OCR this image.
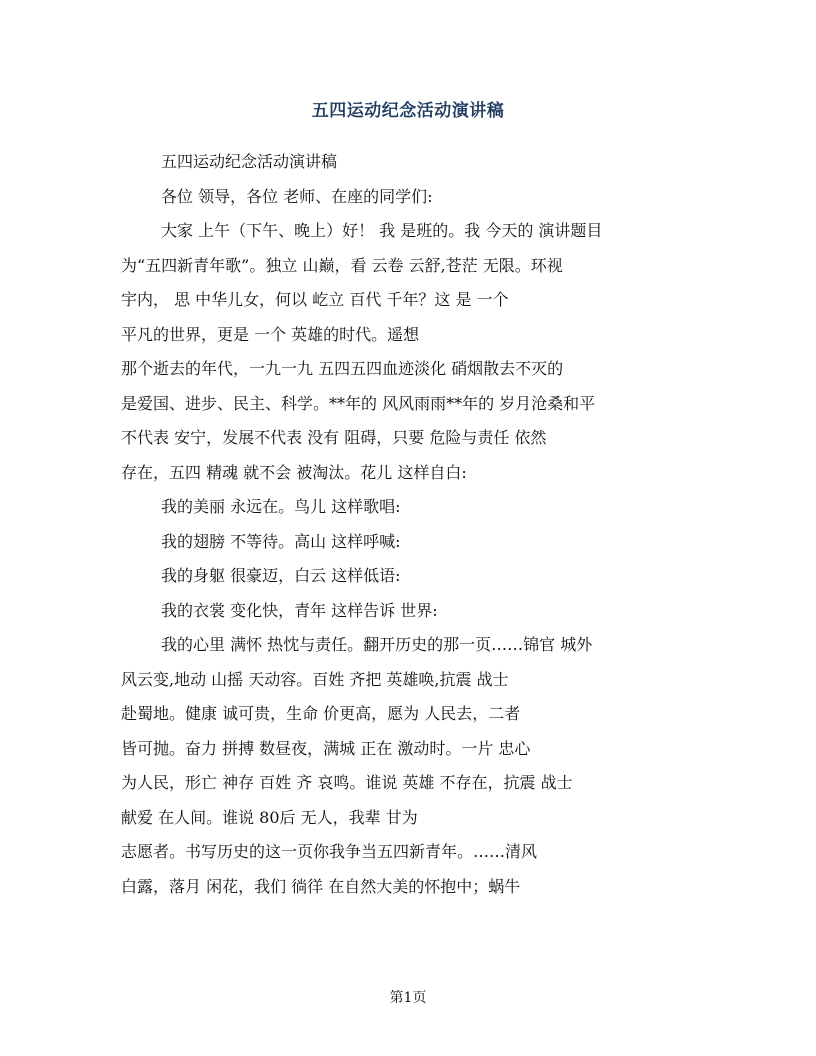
五四运动纪念活动演讲稿
五四运动纪念活动演讲稿
各位 领导，各位 老师、在座的同学们:
大家 上午（下午、晚上）好！ 我 是班的。我 今天的 演讲题目
为“五四新青年歌”。独立 山巅，看 云卷 云舒,苍茫 无限。环视
宇内， 思 中华儿女，何以 屹立 百代 千年？这 是 一个
平凡的世界，更是 一个 英雄的时代。遥想
那个逝去的年代，一九一九 五四五四血迹淡化 硝烟散去不灭的
是爱国、进步、民主、科学。**年的 风风雨雨**年的 岁月沧桑和平
不代表 安宁，发展不代表 没有 阻碍，只要 危险与责任 依然
存在，五四 精魂 就不会 被淘汰。花儿 这样自白:
我的美丽 永远在。鸟儿 这样歌唱:
我的翅膀 不等待。高山 这样呼喊:
我的身躯 很豪迈，白云 这样低语:
我的衣裳 变化快，青年 这样告诉 世界:
我的心里 满怀 热忱与责任。翻开历史的那一页……锦官 城外
风云变,地动 山摇 天动容。百姓 齐把 英雄唤,抗震 战士
赴蜀地。健康 诚可贵，生命 价更高，愿为 人民去，二者
皆可抛。奋力 拼搏 数昼夜，满城 正在 激动时。一片 忠心
为人民，形亡 神存 百姓 齐 哀鸣。谁说 英雄 不存在，抗震 战士
献爱 在人间。谁说 80后 无人，我辈 甘为
志愿者。书写历史的这一页你我争当五四新青年。……清风
白露，落月 闲花，我们 徜徉 在自然大美的怀抱中；蜗牛
第1页
